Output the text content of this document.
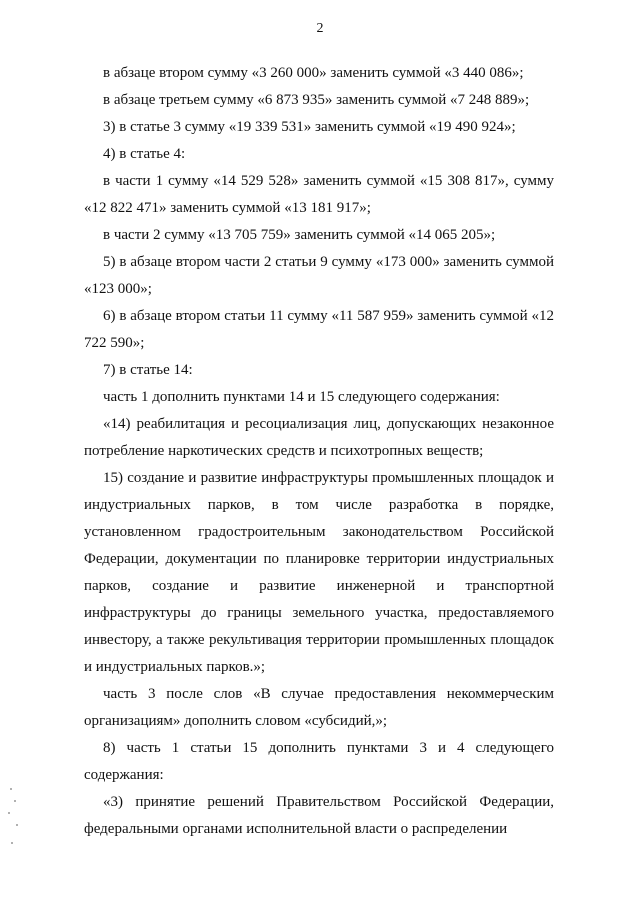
2

в абзаце втором сумму «3 260 000» заменить суммой «3 440 086»;

в абзаце третьем сумму «6 873 935» заменить суммой «7 248 889»;

3) в статье 3 сумму «19 339 531» заменить суммой «19 490 924»;

4) в статье 4:

в части 1 сумму «14 529 528» заменить суммой «15 308 817», сумму «12 822 471» заменить суммой «13 181 917»;

в части 2 сумму «13 705 759» заменить суммой «14 065 205»;

5) в абзаце втором части 2 статьи 9 сумму «173 000» заменить суммой «123 000»;

6) в абзаце втором статьи 11 сумму «11 587 959» заменить суммой «12 722 590»;

7) в статье 14:

часть 1 дополнить пунктами 14 и 15 следующего содержания:

«14) реабилитация и ресоциализация лиц, допускающих незаконное потребление наркотических средств и психотропных веществ;

15) создание и развитие инфраструктуры промышленных площадок и индустриальных парков, в том числе разработка в порядке, установленном градостроительным законодательством Российской Федерации, документации по планировке территории индустриальных парков, создание и развитие инженерной и транспортной инфраструктуры до границы земельного участка, предоставляемого инвестору, а также рекультивация территории промышленных площадок и индустриальных парков.»;

часть 3 после слов «В случае предоставления некоммерческим организациям» дополнить словом «субсидий,»;

8) часть 1 статьи 15 дополнить пунктами 3 и 4 следующего содержания:

«3) принятие решений Правительством Российской Федерации, федеральными органами исполнительной власти о распределении
